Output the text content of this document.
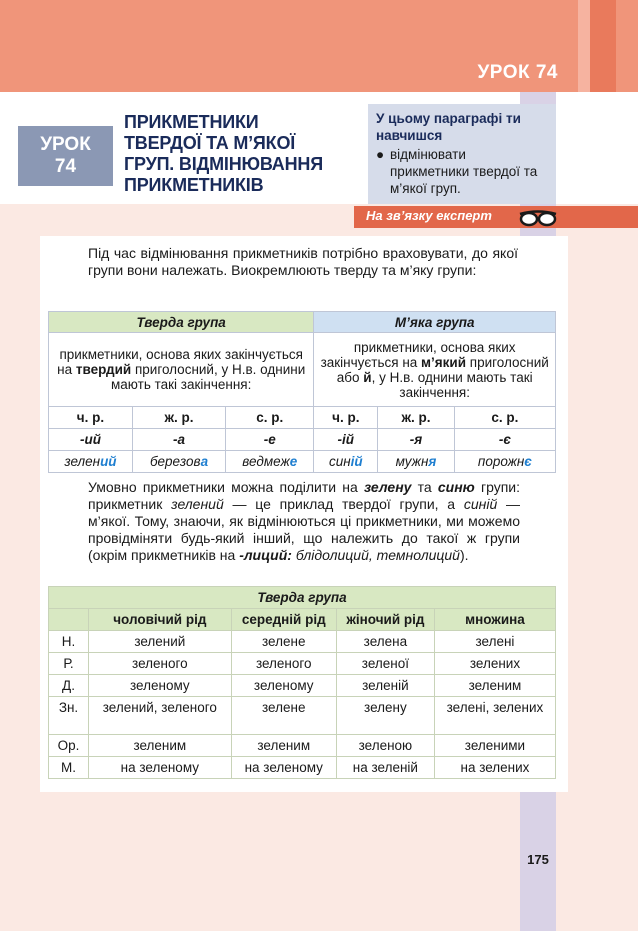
УРОК 74
УРОК
74
ПРИКМЕТНИКИ
ТВЕРДОЇ ТА М’ЯКОЇ
ГРУП. ВІДМІНЮВАННЯ
ПРИКМЕТНИКІВ
У цьому параграфі ти навчишся
● відмінювати прикметники твердої та м’якої груп.
На зв’язку експерт

Під час відмінювання прикметників потрібно враховувати, до якої групи вони належать. Виокремлюють тверду та м’яку групи:

Тверда група			М’яка група		
прикметники, основа яких закінчується на твердий приголосний, у Н.в. однини мають такі закінчення:			прикметники, основа яких закінчується на м’який приголосний або й, у Н.в. однини мають такі закінчення:		
ч. р.	ж. р.	с. р.	ч. р.	ж. р.	с. р.
-ий	-а	-е	-ій	-я	-є
зелений	березова	ведмеже	синій	мужня	порожнє

Умовно прикметники можна поділити на зелену та синю групи: прикметник зелений — це приклад твердої групи, а синій — м’якої. Тому, знаючи, як відмінюються ці прикметники, ми можемо провідміняти будь-який інший, що належить до такої ж групи (окрім прикметників на -лиций: блідолиций, темнолиций).

Тверда група				
	чоловічий рід	середній рід	жіночий рід	множина
Н.	зелений	зелене	зелена	зелені
Р.	зеленого	зеленого	зеленої	зелених
Д.	зеленому	зеленому	зеленій	зеленим
Зн.	зелений, зеленого	зелене	зелену	зелені, зелених
Ор.	зеленим	зеленим	зеленою	зеленими
М.	на зеленому	на зеленому	на зеленій	на зелених
175
